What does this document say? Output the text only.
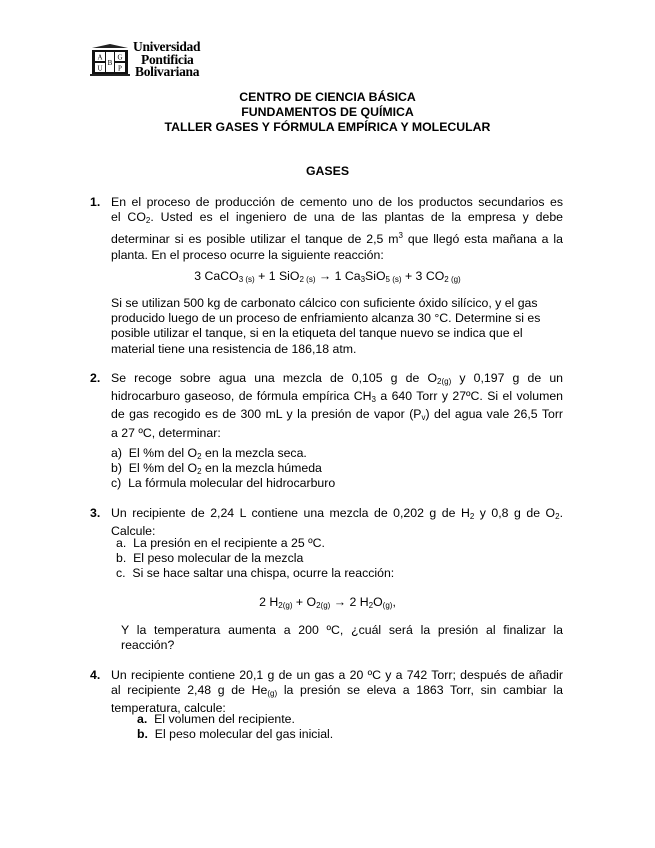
A G
U P
B
Universidad
Pontificia
Bolivariana
CENTRO DE CIENCIA BÁSICA
FUNDAMENTOS DE QUÍMICA
TALLER GASES Y FÓRMULA EMPÍRICA Y MOLECULAR
GASES
1. En el proceso de producción de cemento uno de los productos secundarios es
el $CO_2$. Usted es el ingeniero de una de las plantas de la empresa y debe
determinar si es posible utilizar el tanque de 2,5 $m^3$ que llegó esta mañana a la
planta. En el proceso ocurre la siguiente reacción:
3 CaCO$_{3 (s)}$ + 1 SiO$_{2 (s)}$ → 1 $Ca_3SiO_{5 (s)} + 3$ $CO_{2 (g)}$
Si se utilizan 500 kg de carbonato cálcico con suficiente óxido silícico, y el gas
producido luego de un proceso de enfriamiento alcanza 30 °C. Determine si es
posible utilizar el tanque, si en la etiqueta del tanque nuevo se indica que el
material tiene una resistencia de 186,18 atm.
2. Se recoge sobre agua una mezcla de 0,105 g de $O_{2(g)}$ y 0,197 g de un
hidrocarburo gaseoso, de fórmula empírica $CH_3$ a 640 Torr y 27ºC. Si el volumen
de gas recogido es de 300 mL y la presión de vapor $(P_v)$ del agua vale 26,5 Torr
a 27 ºC, determinar:
a) El %m del $O_2$ en la mezcla seca.
b) El %m del $O_2$ en la mezcla húmeda
c) La fórmula molecular del hidrocarburo
3. Un recipiente de 2,24 L contiene una mezcla de 0,202 g de $H_2$ y 0,8 g de $O_2$.
Calcule:
a. La presión en el recipiente a 25 ºC.
b. El peso molecular de la mezcla
c. Si se hace saltar una chispa, ocurre la reacción:
2 $H_{2(g)} + O_{2(g)} \to 2$ $H_2O_{(g)}$,
Y la temperatura aumenta a 200 ºC, ¿cuál será la presión al finalizar la
reacción?
4. Un recipiente contiene 20,1 g de un gas a 20 ºC y a 742 Torr; después de añadir
al recipiente 2,48 g de $He_{(g)}$ la presión se eleva a 1863 Torr, sin cambiar la
temperatura, calcule:
a. El volumen del recipiente.
b. El peso molecular del gas inicial.
